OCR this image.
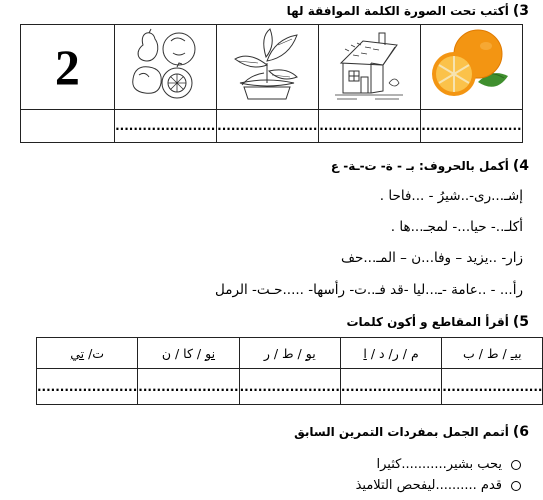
3)أكتب تحت الصورة الكلمة الموافقة لها
2				
	......................	......................	......................	......................
4)أكمل بالحروف: بـ - ة- ت-ـة- ع
إشـ...رى-..شيرُ - ...فاحا .
أكلـ..- حيا...- لمجـ...ها .
زار- ..يزيد – وفا...ن – المـ...حف
رأ... - ..عامة -ـ...ليا -قد فـ..ت- رأسها- .....حـت- الرمل
5)أقرأ المقاطع و أكون كلمات
بيـ / ط / ب	م / ر/ د / ا	يو / ط / ر	نو / كا / ن	ت/ تي
......................	......................	......................	......................	......................
6)أتمم الجمل بمفردات التمرين السابق
يحب بشير...........كثيرا
قدم ..........ليفحص التلاميذ
